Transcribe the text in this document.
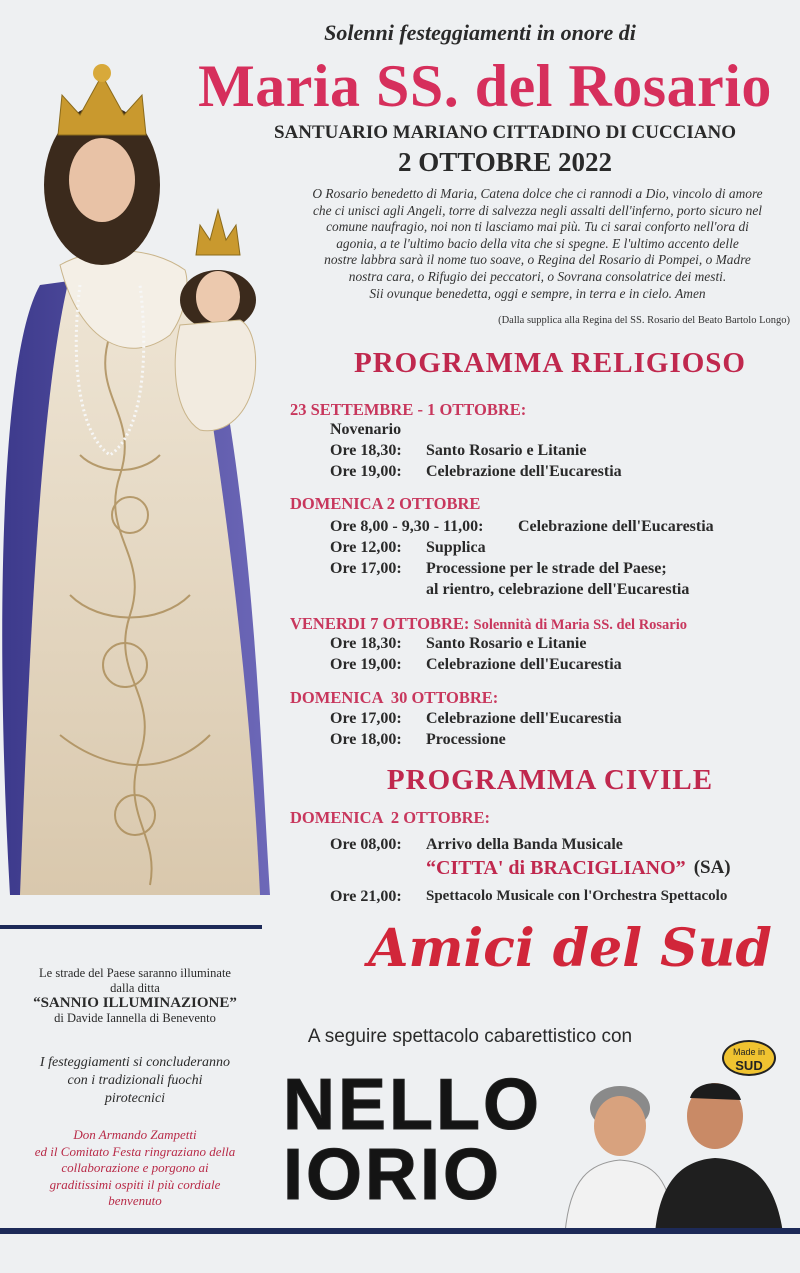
Solenni festeggiamenti in onore di
Maria SS. del Rosario
SANTUARIO MARIANO CITTADINO DI CUCCIANO
2 OTTOBRE 2022
O Rosario benedetto di Maria, Catena dolce che ci rannodi a Dio, vincolo di amore
che ci unisci agli Angeli, torre di salvezza negli assalti dell'inferno, porto sicuro nel
comune naufragio, noi non ti lasciamo mai più. Tu ci sarai conforto nell'ora di
agonia, a te l'ultimo bacio della vita che si spegne. E l'ultimo accento delle
nostre labbra sarà il nome tuo soave, o Regina del Rosario di Pompei, o Madre
nostra cara, o Rifugio dei peccatori, o Sovrana consolatrice dei mesti.
Sii ovunque benedetta, oggi e sempre, in terra e in cielo. Amen
(Dalla supplica alla Regina del SS. Rosario del Beato Bartolo Longo)
PROGRAMMA RELIGIOSO
23 SETTEMBRE - 1 OTTOBRE:
Novenario
Ore 18,30:	Santo Rosario e Litanie
Ore 19,00:	Celebrazione dell'Eucarestia
DOMENICA 2 OTTOBRE
Ore 8,00 - 9,30 - 11,00:	Celebrazione dell'Eucarestia
Ore 12,00:	Supplica
Ore 17,00:	Processione per le strade del Paese;
al rientro, celebrazione dell'Eucarestia
VENERDI 7 OTTOBRE: Solennità di Maria SS. del Rosario
Ore 18,30:	Santo Rosario e Litanie
Ore 19,00:	Celebrazione dell'Eucarestia
DOMENICA  30 OTTOBRE:
Ore 17,00:	Celebrazione dell'Eucarestia
Ore 18,00:	Processione
PROGRAMMA CIVILE
DOMENICA  2 OTTOBRE:
Ore 08,00:	Arrivo della Banda Musicale
“CITTA' di BRACIGLIANO” (SA)
Ore 21,00:	Spettacolo Musicale con l'Orchestra Spettacolo
Le strade del Paese saranno illuminate
dalla ditta
“SANNIO ILLUMINAZIONE”
di Davide Iannella di Benevento
I festeggiamenti si concluderanno
con i tradizionali fuochi
pirotecnici
Don Armando Zampetti
ed il Comitato Festa ringraziano della
collaborazione e porgono ai
graditissimi ospiti il più cordiale
benvenuto
Amici del Sud
A seguire spettacolo cabarettistico con
NELLO
IORIO
Made in
SUD
